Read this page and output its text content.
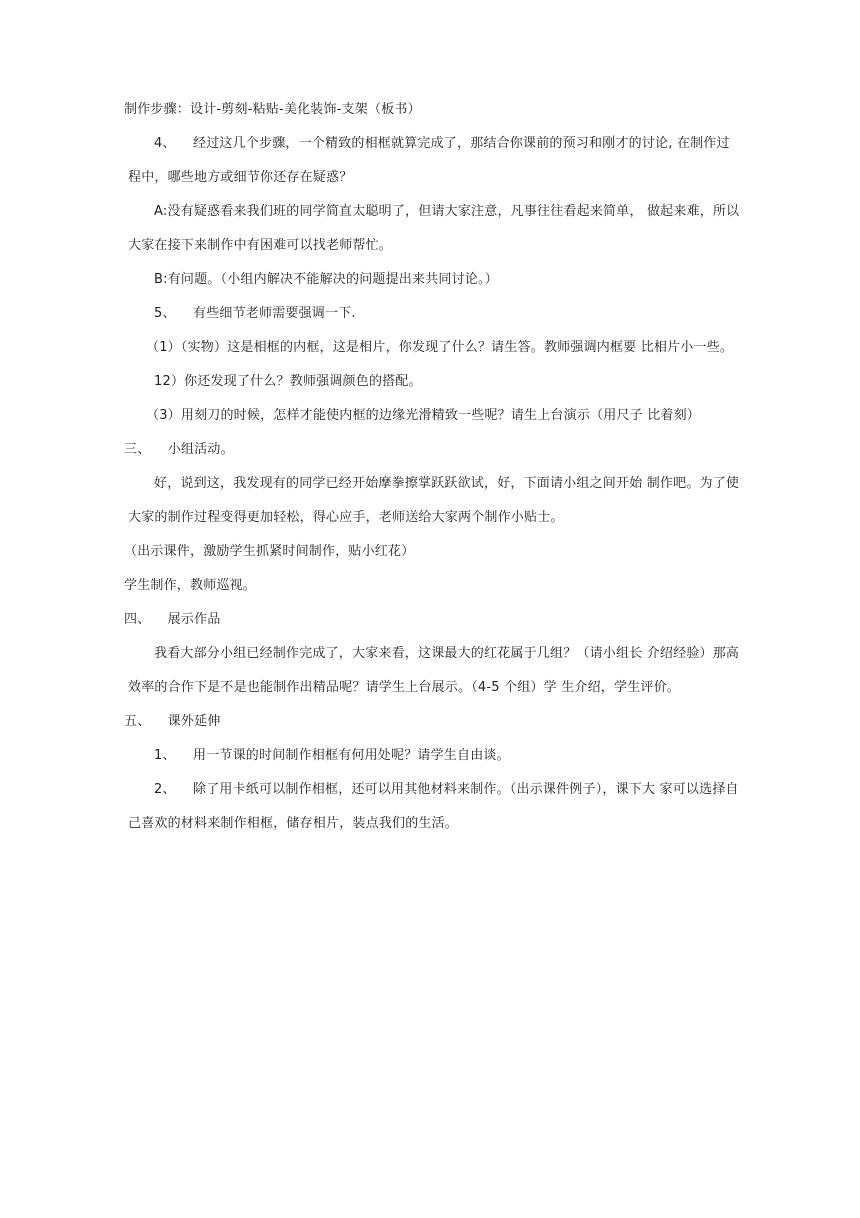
制作步骤：设计-剪刻-粘贴-美化装饰-支架（板书）

4、    经过这几个步骤，一个精致的相框就算完成了，那结合你课前的预习和刚才的讨论, 在制作过程中，哪些地方或细节你还存在疑惑？

A:没有疑惑看来我们班的同学简直太聪明了，但请大家注意，凡事往往看起来简单， 做起来难，所以大家在接下来制作中有困难可以找老师帮忙。

B:有问题。（小组内解决不能解决的问题提出来共同讨论。）

5、    有些细节老师需要强调一下.

（1）（实物）这是相框的内框，这是相片，你发现了什么？请生答。教师强调内框要 比相片小一些。

12）你还发现了什么？教师强调颜色的搭配。

（3）用刻刀的时候，怎样才能使内框的边缘光滑精致一些呢？请生上台演示（用尺子 比着刻）

三、    小组活动。

好，说到这，我发现有的同学已经开始摩拳擦掌跃跃欲试，好，下面请小组之间开始 制作吧。为了使大家的制作过程变得更加轻松，得心应手，老师送给大家两个制作小贴士。

（出示课件，激励学生抓紧时间制作，贴小红花）

学生制作，教师巡视。

四、    展示作品

我看大部分小组已经制作完成了，大家来看，这课最大的红花属于几组？（请小组长 介绍经验）那高效率的合作下是不是也能制作出精品呢？请学生上台展示。（4-5 个组）学 生介绍，学生评价。

五、    课外延伸

1、    用一节课的时间制作相框有何用处呢？请学生自由谈。

2、    除了用卡纸可以制作相框，还可以用其他材料来制作。（出示课件例子），课下大 家可以选择自己喜欢的材料来制作相框，储存相片，装点我们的生活。
